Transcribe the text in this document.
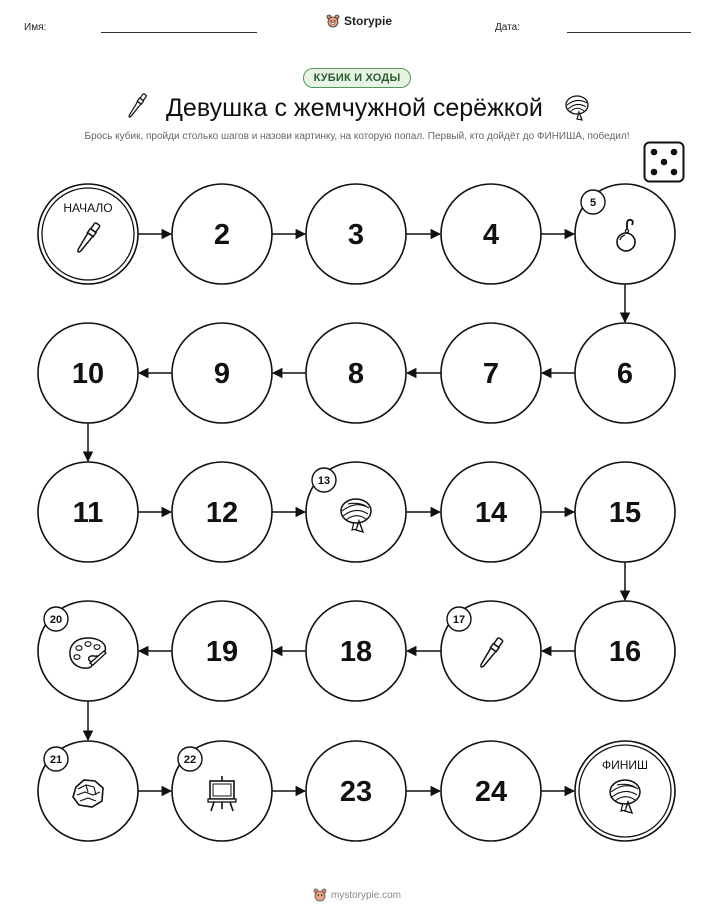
Имя:	Storypie	Дата:
КУБИК И ХОДЫ
Девушка с жемчужной серёжкой
Брось кубик, пройди столько шагов и назови картинку, на которую попал. Первый, кто дойдёт до ФИНИША, победил!
НАЧАЛО
2	3	4
5
6
7
8
9
10
11	12
13
14	15
16
17
18
19
20
21	22
23	24
ФИНИШ
mystorypie.com
